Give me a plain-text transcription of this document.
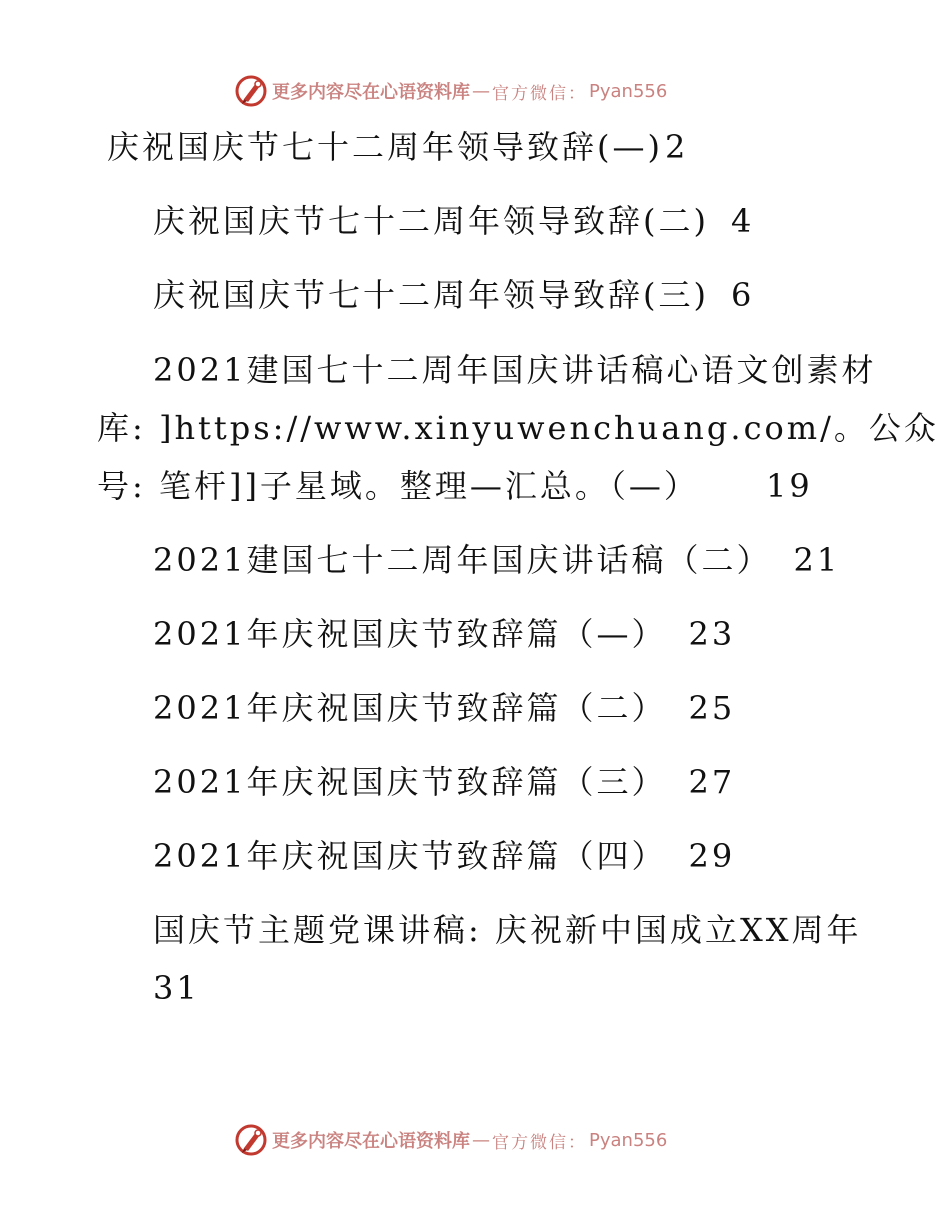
更多内容尽在心语资料库 — 官方微信： Pyan556
庆祝国庆节七十二周年领导致辞(—)2
庆祝国庆节七十二周年领导致辞(二) 4
庆祝国庆节七十二周年领导致辞(三) 6
2021建国七十二周年国庆讲话稿心语文创素材
库: ]https://www.xinyuwenchuang.com/。公众
号: 笔杆]]子星域。整理—汇总。（—） 19
2021建国七十二周年国庆讲话稿（二） 21
2021年庆祝国庆节致辞篇（—） 23
2021年庆祝国庆节致辞篇（二） 25
2021年庆祝国庆节致辞篇（三） 27
2021年庆祝国庆节致辞篇（四） 29
国庆节主题党课讲稿: 庆祝新中国成立XX周年
31
更多内容尽在心语资料库 — 官方微信： Pyan556
